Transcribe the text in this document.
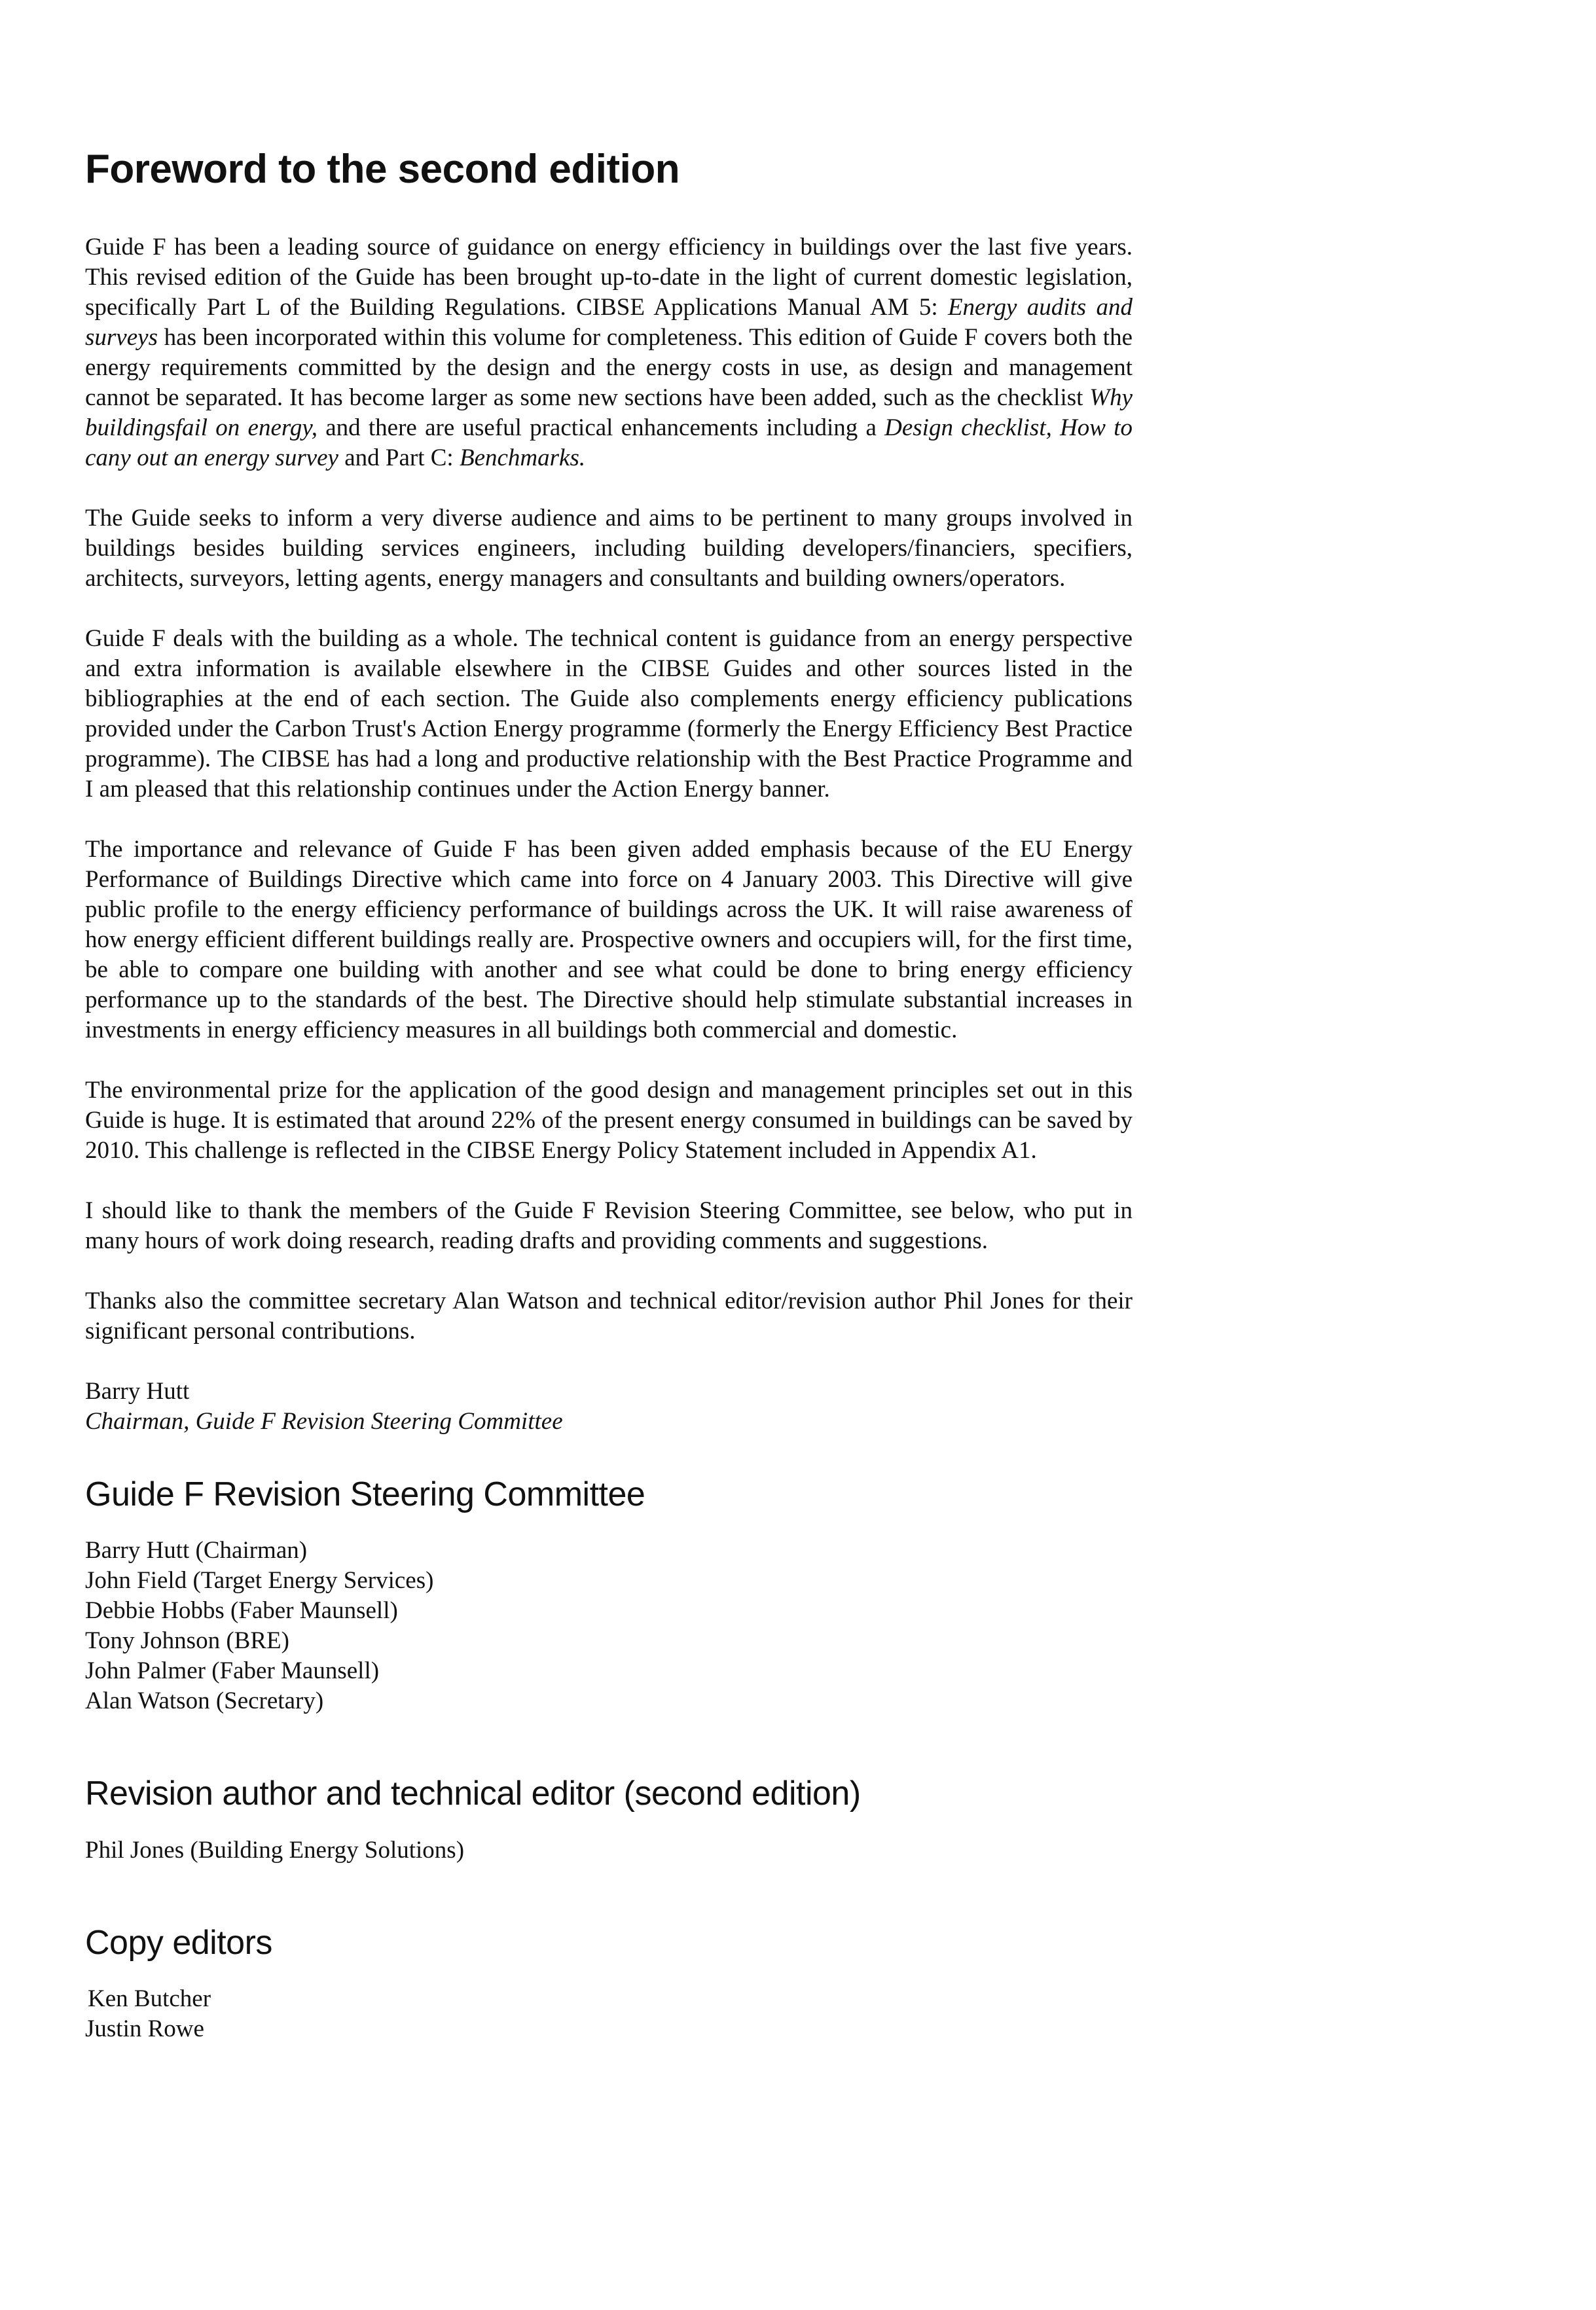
Foreword to the second edition

Guide F has been a leading source of guidance on energy efficiency in buildings over the last five years. This revised edition of the Guide has been brought up-to-date in the light of current domestic legislation, specifically Part L of the Building Regulations. CIBSE Applications Manual AM 5: Energy audits and surveys has been incorporated within this volume for completeness. This edition of Guide F covers both the energy requirements committed by the design and the energy costs in use, as design and management cannot be separated. It has become larger as some new sections have been added, such as the checklist Why buildingsfail on energy, and there are useful practical enhancements including a Design checklist, How to cany out an energy survey and Part C: Benchmarks.

The Guide seeks to inform a very diverse audience and aims to be pertinent to many groups involved in buildings besides building services engineers, including building developers/financiers, specifiers, architects, surveyors, letting agents, energy managers and consultants and building owners/operators.

Guide F deals with the building as a whole. The technical content is guidance from an energy perspective and extra information is available elsewhere in the CIBSE Guides and other sources listed in the bibliographies at the end of each section. The Guide also complements energy efficiency publications provided under the Carbon Trust's Action Energy programme (formerly the Energy Efficiency Best Practice programme). The CIBSE has had a long and productive relationship with the Best Practice Programme and I am pleased that this relationship continues under the Action Energy banner.

The importance and relevance of Guide F has been given added emphasis because of the EU Energy Performance of Buildings Directive which came into force on 4 January 2003. This Directive will give public profile to the energy efficiency performance of buildings across the UK. It will raise awareness of how energy efficient different buildings really are. Prospective owners and occupiers will, for the first time, be able to compare one building with another and see what could be done to bring energy efficiency performance up to the standards of the best. The Directive should help stimulate substantial increases in investments in energy efficiency measures in all buildings both commercial and domestic.

The environmental prize for the application of the good design and management principles set out in this Guide is huge. It is estimated that around 22% of the present energy consumed in buildings can be saved by 2010. This challenge is reflected in the CIBSE Energy Policy Statement included in Appendix A1.

I should like to thank the members of the Guide F Revision Steering Committee, see below, who put in many hours of work doing research, reading drafts and providing comments and suggestions.

Thanks also the committee secretary Alan Watson and technical editor/revision author Phil Jones for their significant personal contributions.

Barry Hutt
Chairman, Guide F Revision Steering Committee
Guide F Revision Steering Committee
Barry Hutt (Chairman)
John Field (Target Energy Services)
Debbie Hobbs (Faber Maunsell)
Tony Johnson (BRE)
John Palmer (Faber Maunsell)
Alan Watson (Secretary)
Revision author and technical editor (second edition)
Phil Jones (Building Energy Solutions)
Copy editors
Ken Butcher
Justin Rowe
